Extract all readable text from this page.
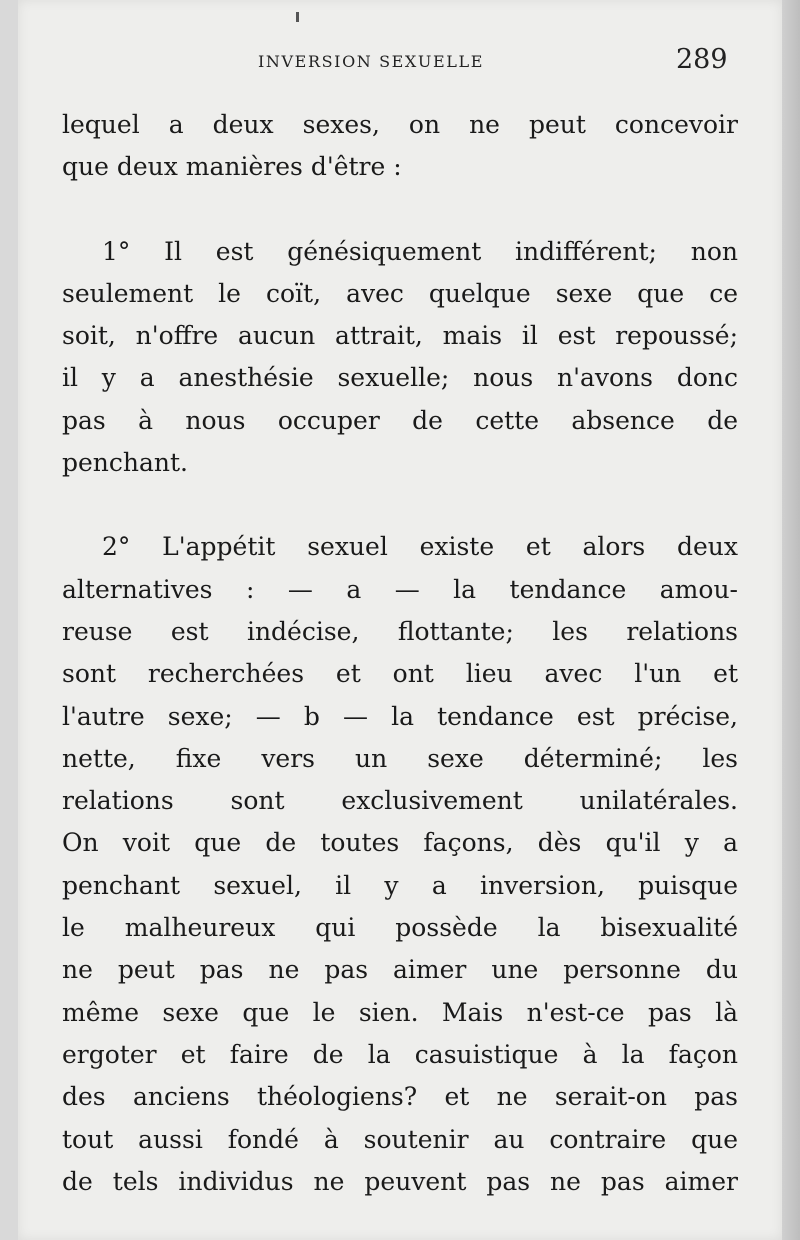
INVERSION SEXUELLE	289
lequel a deux sexes, on ne peut concevoir
que deux manières d'être :
1° Il est génésiquement indifférent; non
seulement le coït, avec quelque sexe que ce
soit, n'offre aucun attrait, mais il est repoussé;
il y a anesthésie sexuelle; nous n'avons donc
pas à nous occuper de cette absence de
penchant.
2° L'appétit sexuel existe et alors deux
alternatives : — a — la tendance amou-
reuse est indécise, flottante; les relations
sont recherchées et ont lieu avec l'un et
l'autre sexe; — b — la tendance est précise,
nette, fixe vers un sexe déterminé; les
relations sont exclusivement unilatérales.
On voit que de toutes façons, dès qu'il y a
penchant sexuel, il y a inversion, puisque
le malheureux qui possède la bisexualité
ne peut pas ne pas aimer une personne du
même sexe que le sien. Mais n'est-ce pas là
ergoter et faire de la casuistique à la façon
des anciens théologiens? et ne serait-on pas
tout aussi fondé à soutenir au contraire que
de tels individus ne peuvent pas ne pas aimer
